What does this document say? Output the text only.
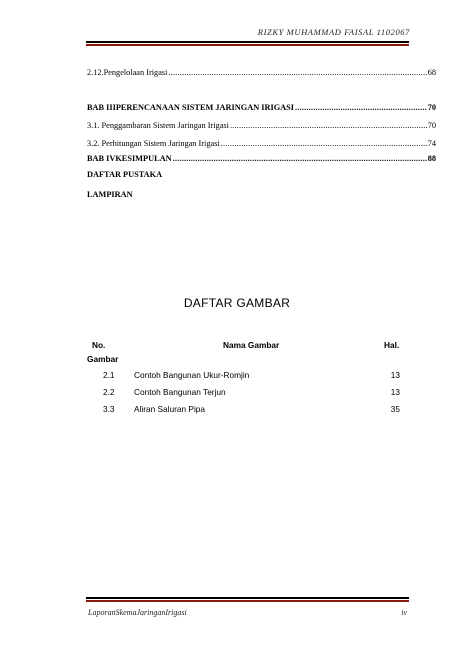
RIZKY MUHAMMAD FAISAL 1102067
2.12.Pengelolaan Irigasi .....	68
BAB IIIPERENCANAAN SISTEM JARINGAN IRIGASI .....	70
3.1. Penggambaran Sistem Jaringan Irigasi .....	70
3.2. Perhitungan Sistem Jaringan Irigasi .....	74
BAB IVKESIMPULAN .....	88
DAFTAR PUSTAKA
LAMPIRAN
DAFTAR GAMBAR
No.	Nama Gambar	Hal.
Gambar
2.1 Contoh Bangunan Ukur-Romjin	13
2.2 Contoh Bangunan Terjun	13
3.3 Aliran Saluran Pipa	35
LaporanSkemaJaringanIrigasi	iv
